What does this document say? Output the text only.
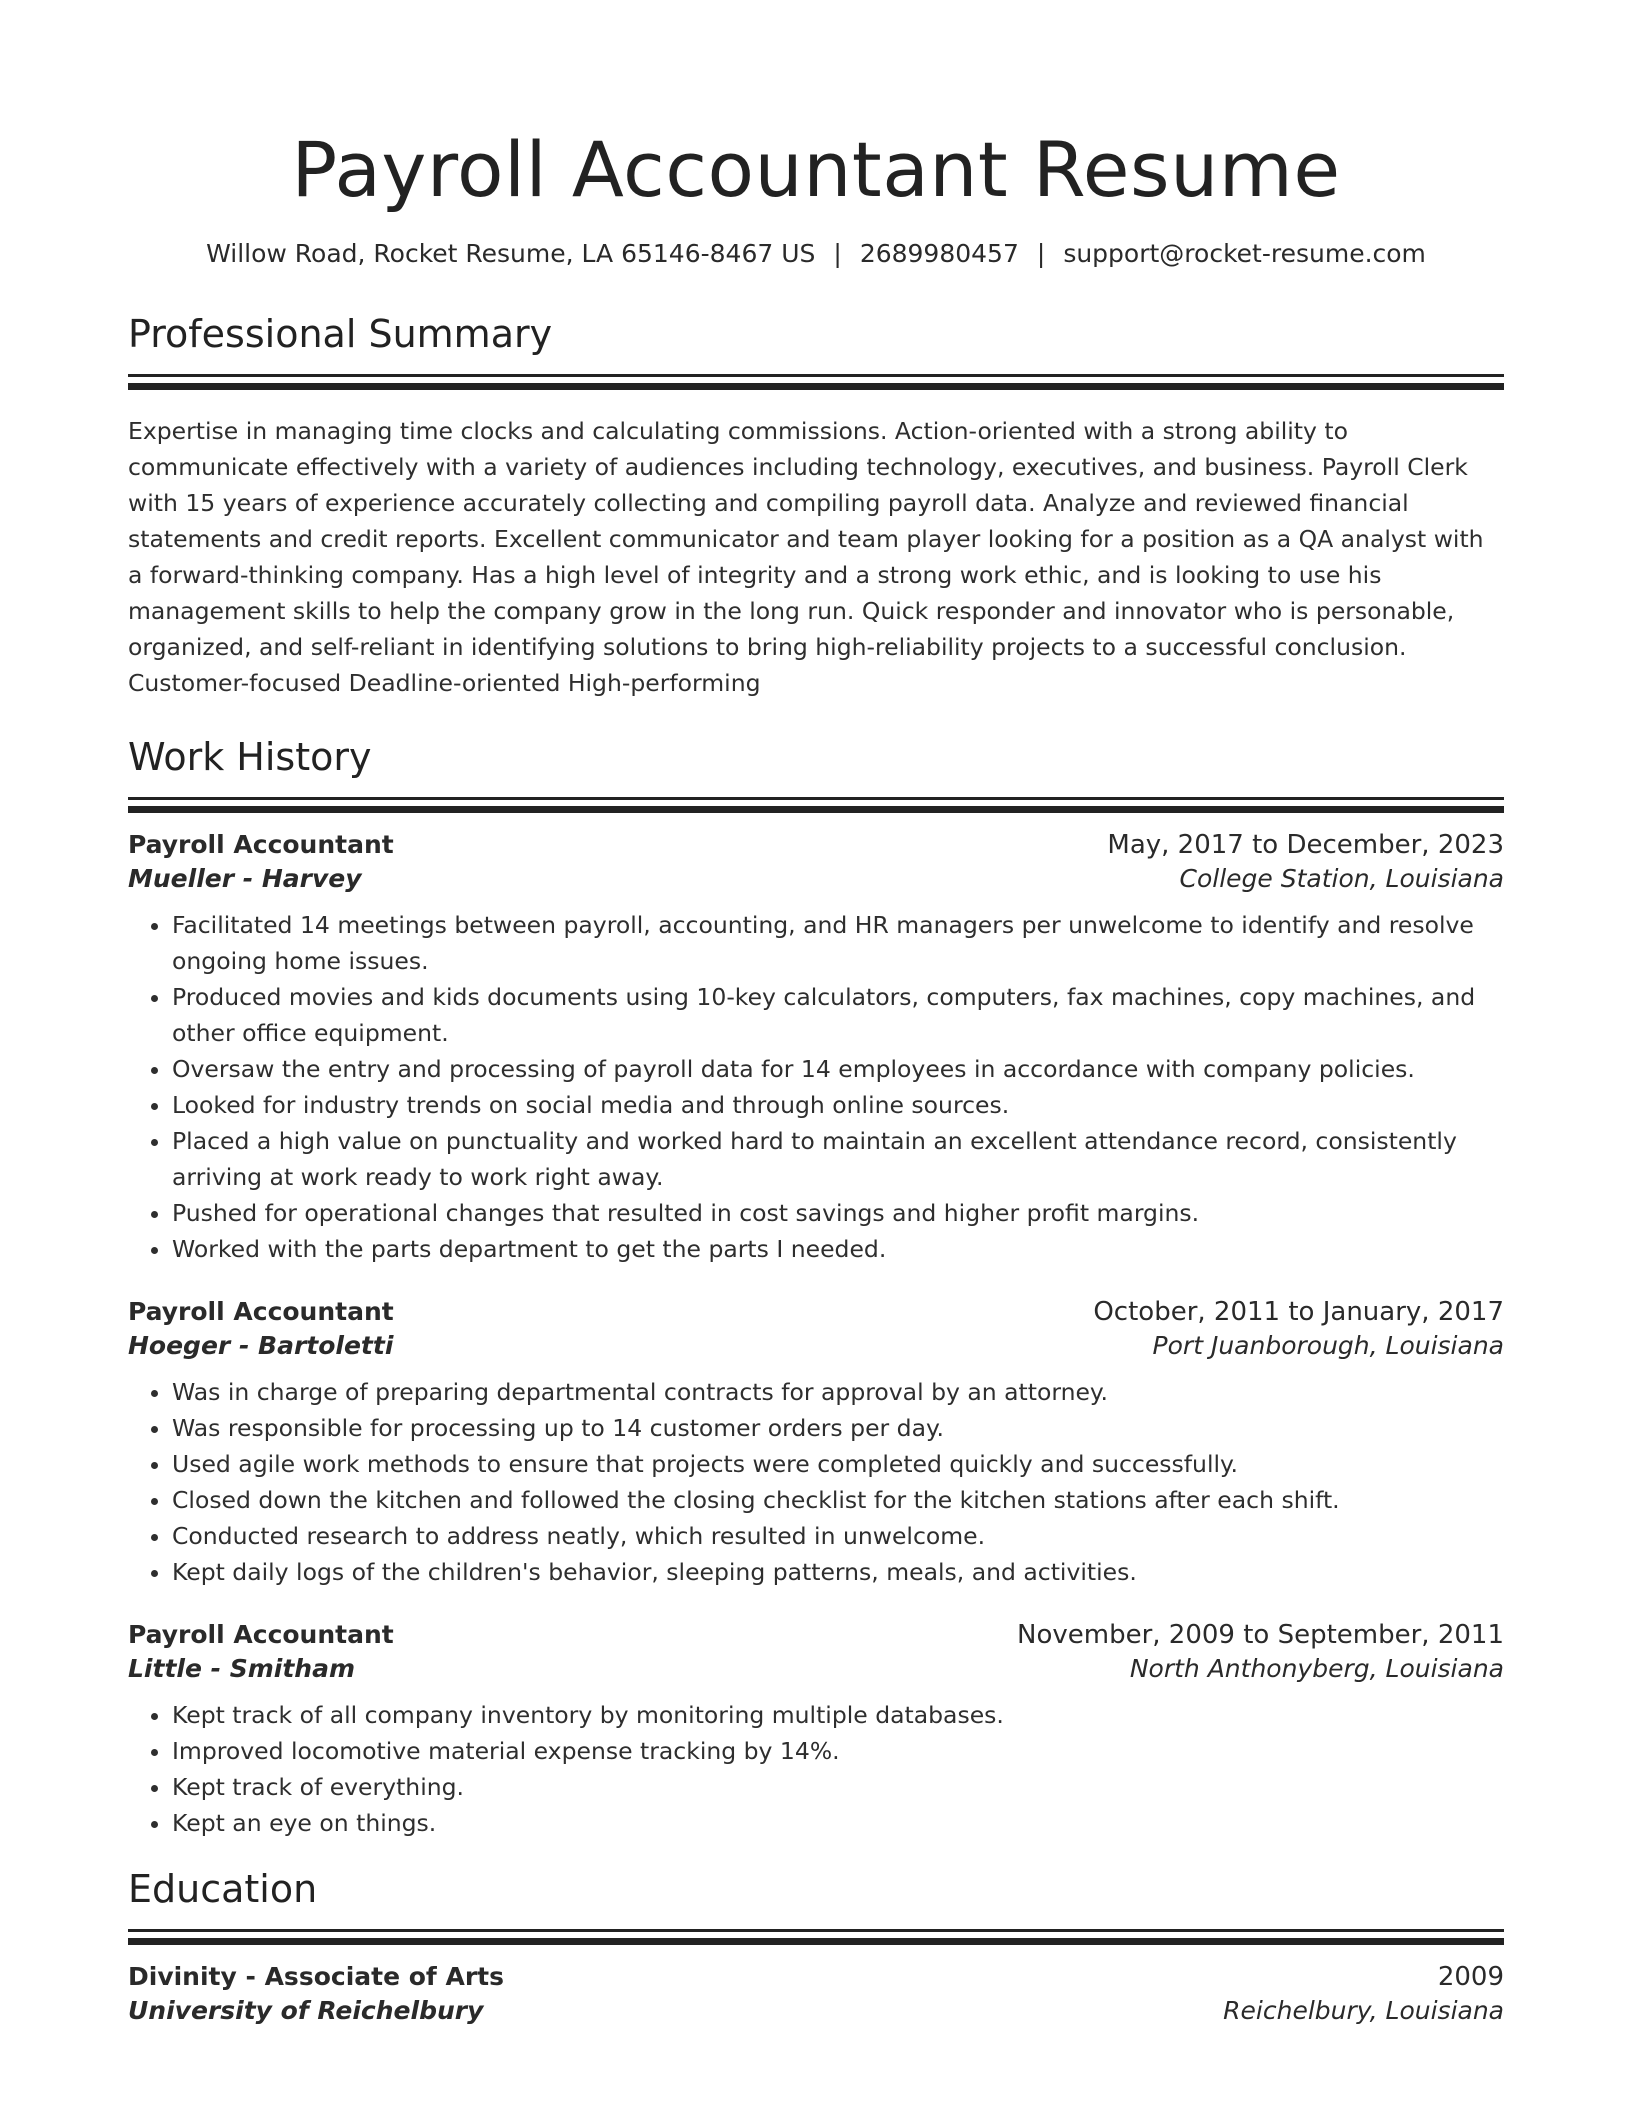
Payroll Accountant Resume
Willow Road, Rocket Resume, LA 65146-8467 US | 2689980457 | support@rocket-resume.com
Professional Summary

Expertise in managing time clocks and calculating commissions. Action-oriented with a strong ability to communicate effectively with a variety of audiences including technology, executives, and business. Payroll Clerk with 15 years of experience accurately collecting and compiling payroll data. Analyze and reviewed financial statements and credit reports. Excellent communicator and team player looking for a position as a QA analyst with a forward-thinking company. Has a high level of integrity and a strong work ethic, and is looking to use his management skills to help the company grow in the long run. Quick responder and innovator who is personable, organized, and self-reliant in identifying solutions to bring high-reliability projects to a successful conclusion. Customer-focused Deadline-oriented High-performing

Work History
Payroll Accountant	May, 2017 to December, 2023
Mueller - Harvey	College Station, Louisiana
• Facilitated 14 meetings between payroll, accounting, and HR managers per unwelcome to identify and resolve ongoing home issues.
• Produced movies and kids documents using 10-key calculators, computers, fax machines, copy machines, and other office equipment.
• Oversaw the entry and processing of payroll data for 14 employees in accordance with company policies.
• Looked for industry trends on social media and through online sources.
• Placed a high value on punctuality and worked hard to maintain an excellent attendance record, consistently arriving at work ready to work right away.
• Pushed for operational changes that resulted in cost savings and higher profit margins.
• Worked with the parts department to get the parts I needed.
Payroll Accountant	October, 2011 to January, 2017
Hoeger - Bartoletti	Port Juanborough, Louisiana
• Was in charge of preparing departmental contracts for approval by an attorney.
• Was responsible for processing up to 14 customer orders per day.
• Used agile work methods to ensure that projects were completed quickly and successfully.
• Closed down the kitchen and followed the closing checklist for the kitchen stations after each shift.
• Conducted research to address neatly, which resulted in unwelcome.
• Kept daily logs of the children's behavior, sleeping patterns, meals, and activities.
Payroll Accountant	November, 2009 to September, 2011
Little - Smitham	North Anthonyberg, Louisiana
• Kept track of all company inventory by monitoring multiple databases.
• Improved locomotive material expense tracking by 14%.
• Kept track of everything.
• Kept an eye on things.
Education
Divinity - Associate of Arts	2009
University of Reichelbury	Reichelbury, Louisiana
